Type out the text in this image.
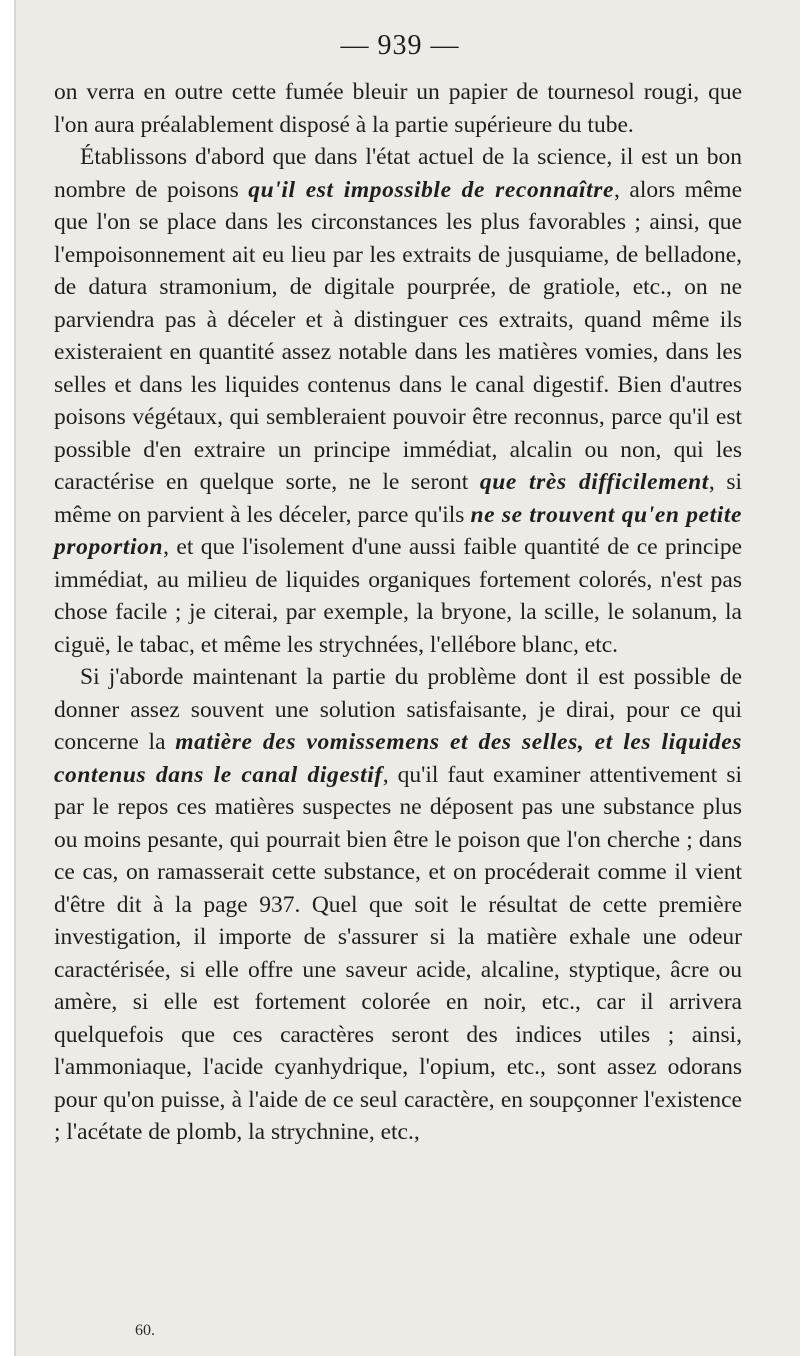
— 939 —

on verra en outre cette fumée bleuir un papier de tournesol rougi, que l'on aura préalablement disposé à la partie supérieure du tube.

Établissons d'abord que dans l'état actuel de la science, il est un bon nombre de poisons qu'il est impossible de reconnaître, alors même que l'on se place dans les circonstances les plus favorables ; ainsi, que l'empoisonnement ait eu lieu par les extraits de jusquiame, de belladone, de datura stramonium, de digitale pourprée, de gratiole, etc., on ne parviendra pas à déceler et à distinguer ces extraits, quand même ils existeraient en quantité assez notable dans les matières vomies, dans les selles et dans les liquides contenus dans le canal digestif. Bien d'autres poisons végétaux, qui sembleraient pouvoir être reconnus, parce qu'il est possible d'en extraire un principe immédiat, alcalin ou non, qui les caractérise en quelque sorte, ne le seront que très difficilement, si même on parvient à les déceler, parce qu'ils ne se trouvent qu'en petite proportion, et que l'isolement d'une aussi faible quantité de ce principe immédiat, au milieu de liquides organiques fortement colorés, n'est pas chose facile ; je citerai, par exemple, la bryone, la scille, le solanum, la ciguë, le tabac, et même les strychnées, l'ellébore blanc, etc.

Si j'aborde maintenant la partie du problème dont il est possible de donner assez souvent une solution satisfaisante, je dirai, pour ce qui concerne la matière des vomissemens et des selles, et les liquides contenus dans le canal digestif, qu'il faut examiner attentivement si par le repos ces matières suspectes ne déposent pas une substance plus ou moins pesante, qui pourrait bien être le poison que l'on cherche ; dans ce cas, on ramasserait cette substance, et on procéderait comme il vient d'être dit à la page 937. Quel que soit le résultat de cette première investigation, il importe de s'assurer si la matière exhale une odeur caractérisée, si elle offre une saveur acide, alcaline, styptique, âcre ou amère, si elle est fortement colorée en noir, etc., car il arrivera quelquefois que ces caractères seront des indices utiles ; ainsi, l'ammoniaque, l'acide cyanhydrique, l'opium, etc., sont assez odorans pour qu'on puisse, à l'aide de ce seul caractère, en soupçonner l'existence ; l'acétate de plomb, la strychnine, etc.,

60.
